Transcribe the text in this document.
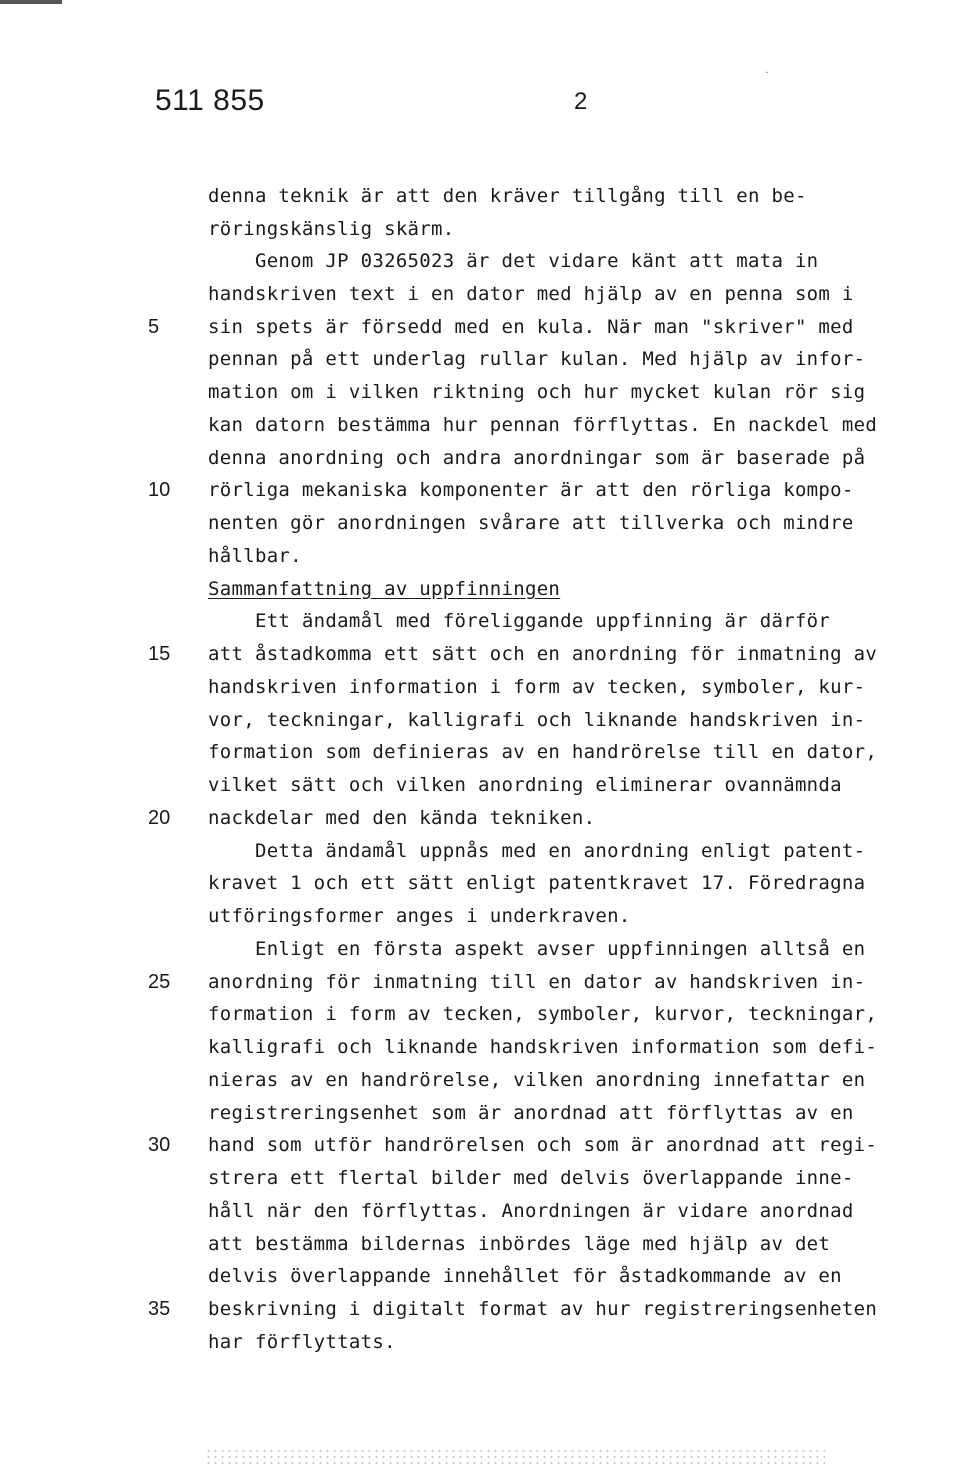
˙
511 855	2
denna teknik är att den kräver tillgång till en be-
röringskänslig skärm.
Genom JP 03265023 är det vidare känt att mata in
handskriven text i en dator med hjälp av en penna som i
sin spets är försedd med en kula. När man "skriver" med
pennan på ett underlag rullar kulan. Med hjälp av infor-
mation om i vilken riktning och hur mycket kulan rör sig
kan datorn bestämma hur pennan förflyttas. En nackdel med
denna anordning och andra anordningar som är baserade på
rörliga mekaniska komponenter är att den rörliga kompo-
nenten gör anordningen svårare att tillverka och mindre
hållbar.
Sammanfattning av uppfinningen
Ett ändamål med föreliggande uppfinning är därför
att åstadkomma ett sätt och en anordning för inmatning av
handskriven information i form av tecken, symboler, kur-
vor, teckningar, kalligrafi och liknande handskriven in-
formation som definieras av en handrörelse till en dator,
vilket sätt och vilken anordning eliminerar ovannämnda
nackdelar med den kända tekniken.
Detta ändamål uppnås med en anordning enligt patent-
kravet 1 och ett sätt enligt patentkravet 17. Föredragna
utföringsformer anges i underkraven.
Enligt en första aspekt avser uppfinningen alltså en
anordning för inmatning till en dator av handskriven in-
formation i form av tecken, symboler, kurvor, teckningar,
kalligrafi och liknande handskriven information som defi-
nieras av en handrörelse, vilken anordning innefattar en
registreringsenhet som är anordnad att förflyttas av en
hand som utför handrörelsen och som är anordnad att regi-
strera ett flertal bilder med delvis överlappande inne-
håll när den förflyttas. Anordningen är vidare anordnad
att bestämma bildernas inbördes läge med hjälp av det
delvis överlappande innehållet för åstadkommande av en
beskrivning i digitalt format av hur registreringsenheten
har förflyttats.
5
10
15
20
25
30
35
